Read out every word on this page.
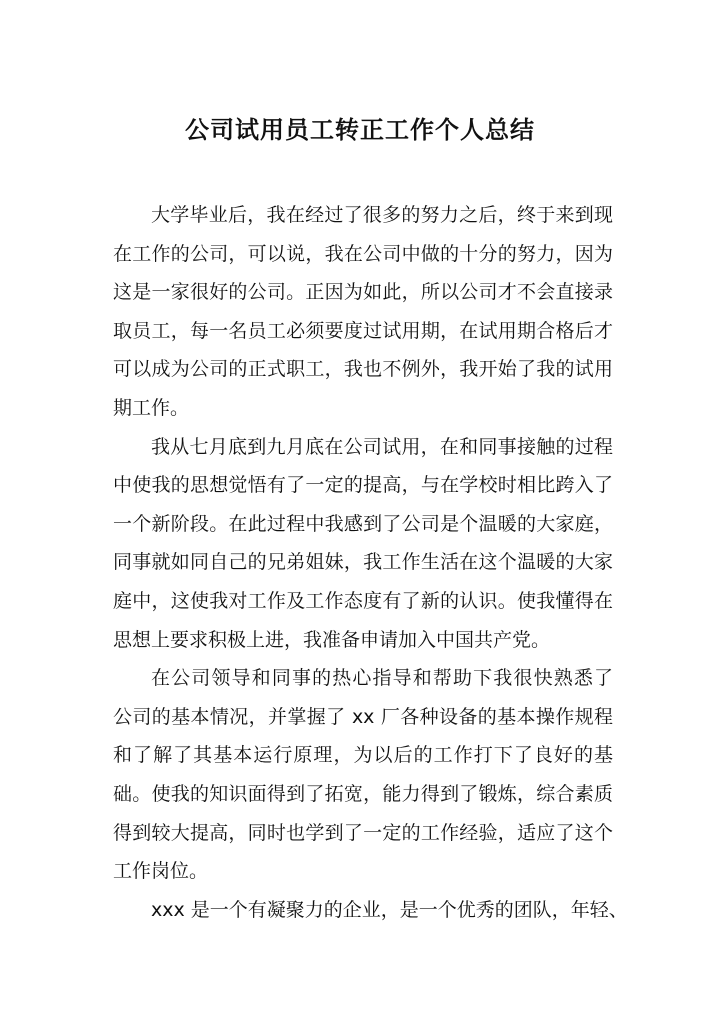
公司试用员工转正工作个人总结
大学毕业后，我在经过了很多的努力之后，终于来到现
在工作的公司，可以说，我在公司中做的十分的努力，因为
这是一家很好的公司。正因为如此，所以公司才不会直接录
取员工，每一名员工必须要度过试用期，在试用期合格后才
可以成为公司的正式职工，我也不例外，我开始了我的试用
期工作。
我从七月底到九月底在公司试用，在和同事接触的过程
中使我的思想觉悟有了一定的提高，与在学校时相比跨入了
一个新阶段。在此过程中我感到了公司是个温暖的大家庭，
同事就如同自己的兄弟姐妹，我工作生活在这个温暖的大家
庭中，这使我对工作及工作态度有了新的认识。使我懂得在
思想上要求积极上进，我准备申请加入中国共产党。
在公司领导和同事的热心指导和帮助下我很快熟悉了
公司的基本情况，并掌握了 xx 厂各种设备的基本操作规程
和了解了其基本运行原理，为以后的工作打下了良好的基
础。使我的知识面得到了拓宽，能力得到了锻炼，综合素质
得到较大提高，同时也学到了一定的工作经验，适应了这个
工作岗位。
xxx 是一个有凝聚力的企业，是一个优秀的团队，年轻、
